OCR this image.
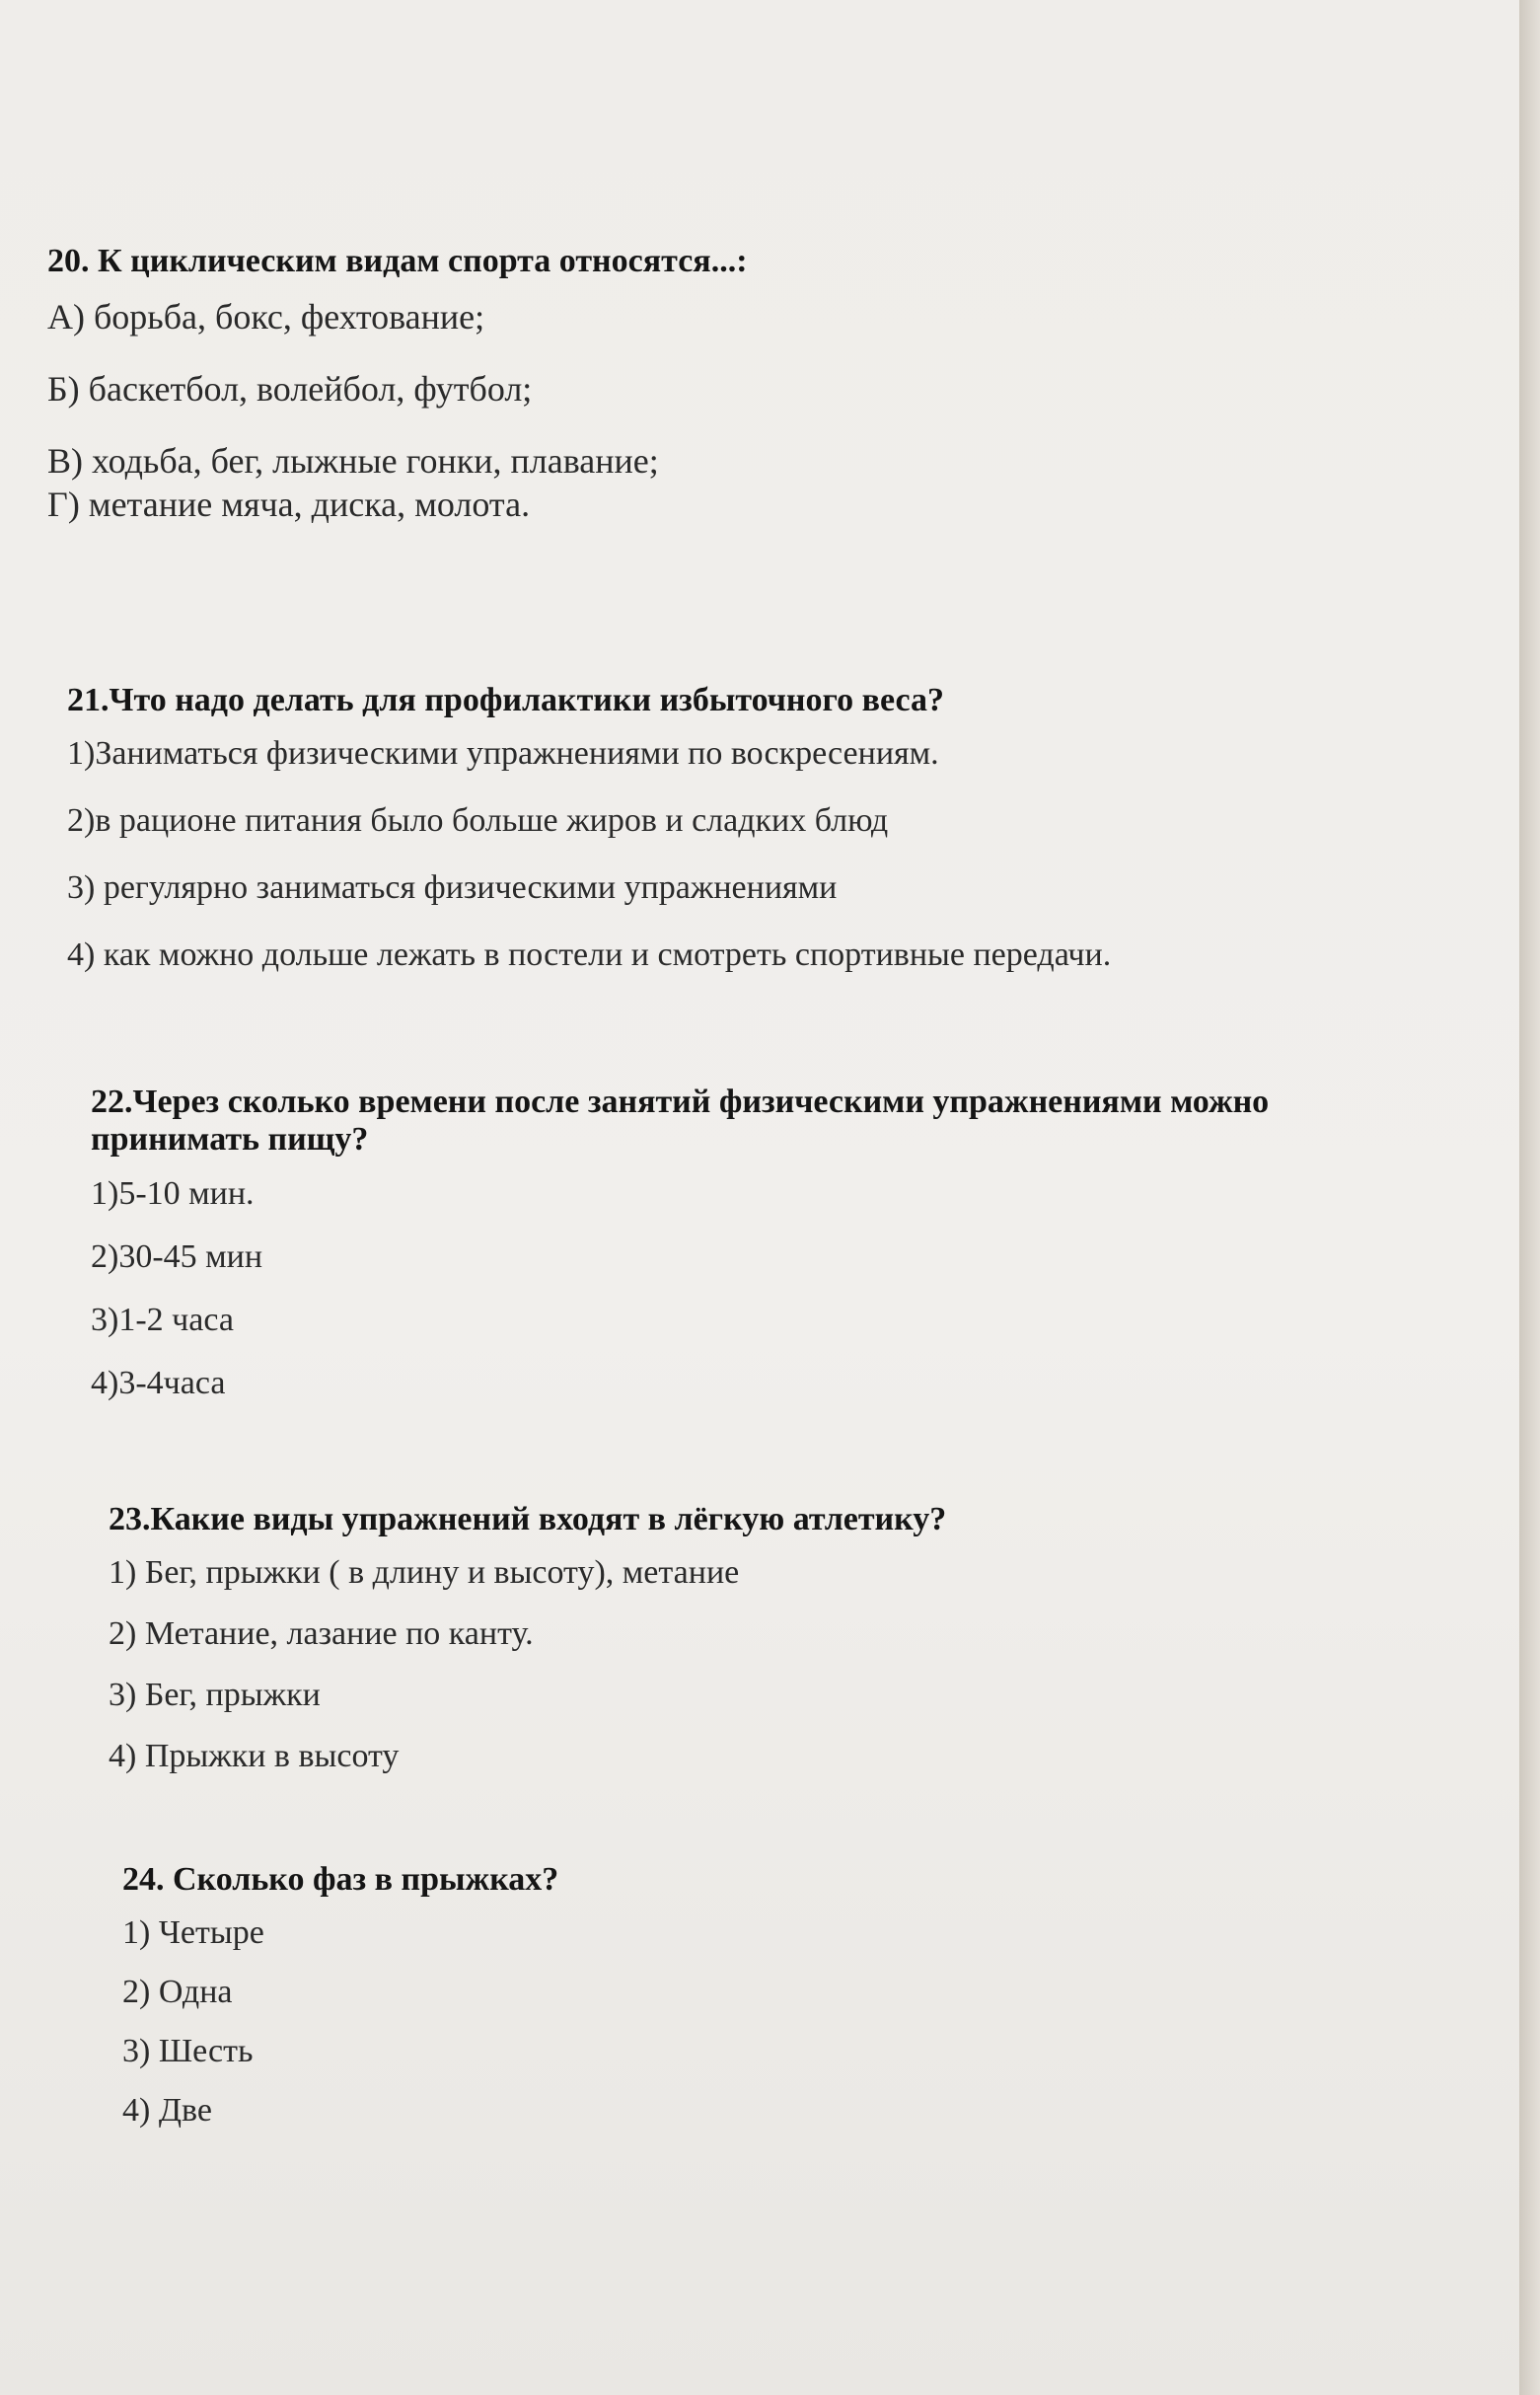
20. К циклическим видам спорта относятся...:
А) борьба, бокс, фехтование;
Б) баскетбол, волейбол, футбол;
В) ходьба, бег, лыжные гонки, плавание;
Г) метание мяча, диска, молота.
21.Что надо делать для профилактики избыточного веса?
1)Заниматься физическими упражнениями по воскресениям.
2)в рационе питания было больше жиров и сладких блюд
3) регулярно заниматься физическими упражнениями
4) как можно дольше лежать в постели и смотреть спортивные передачи.
22.Через сколько времени после занятий физическими упражнениями можно принимать пищу?
1)5-10 мин.
2)30-45 мин
3)1-2 часа
4)3-4часа
23.Какие виды упражнений входят в лёгкую атлетику?
1) Бег, прыжки ( в длину и высоту), метание
2) Метание, лазание по канту.
3) Бег, прыжки
4) Прыжки в высоту
24. Сколько фаз в прыжках?
1) Четыре
2) Одна
3) Шесть
4) Две
